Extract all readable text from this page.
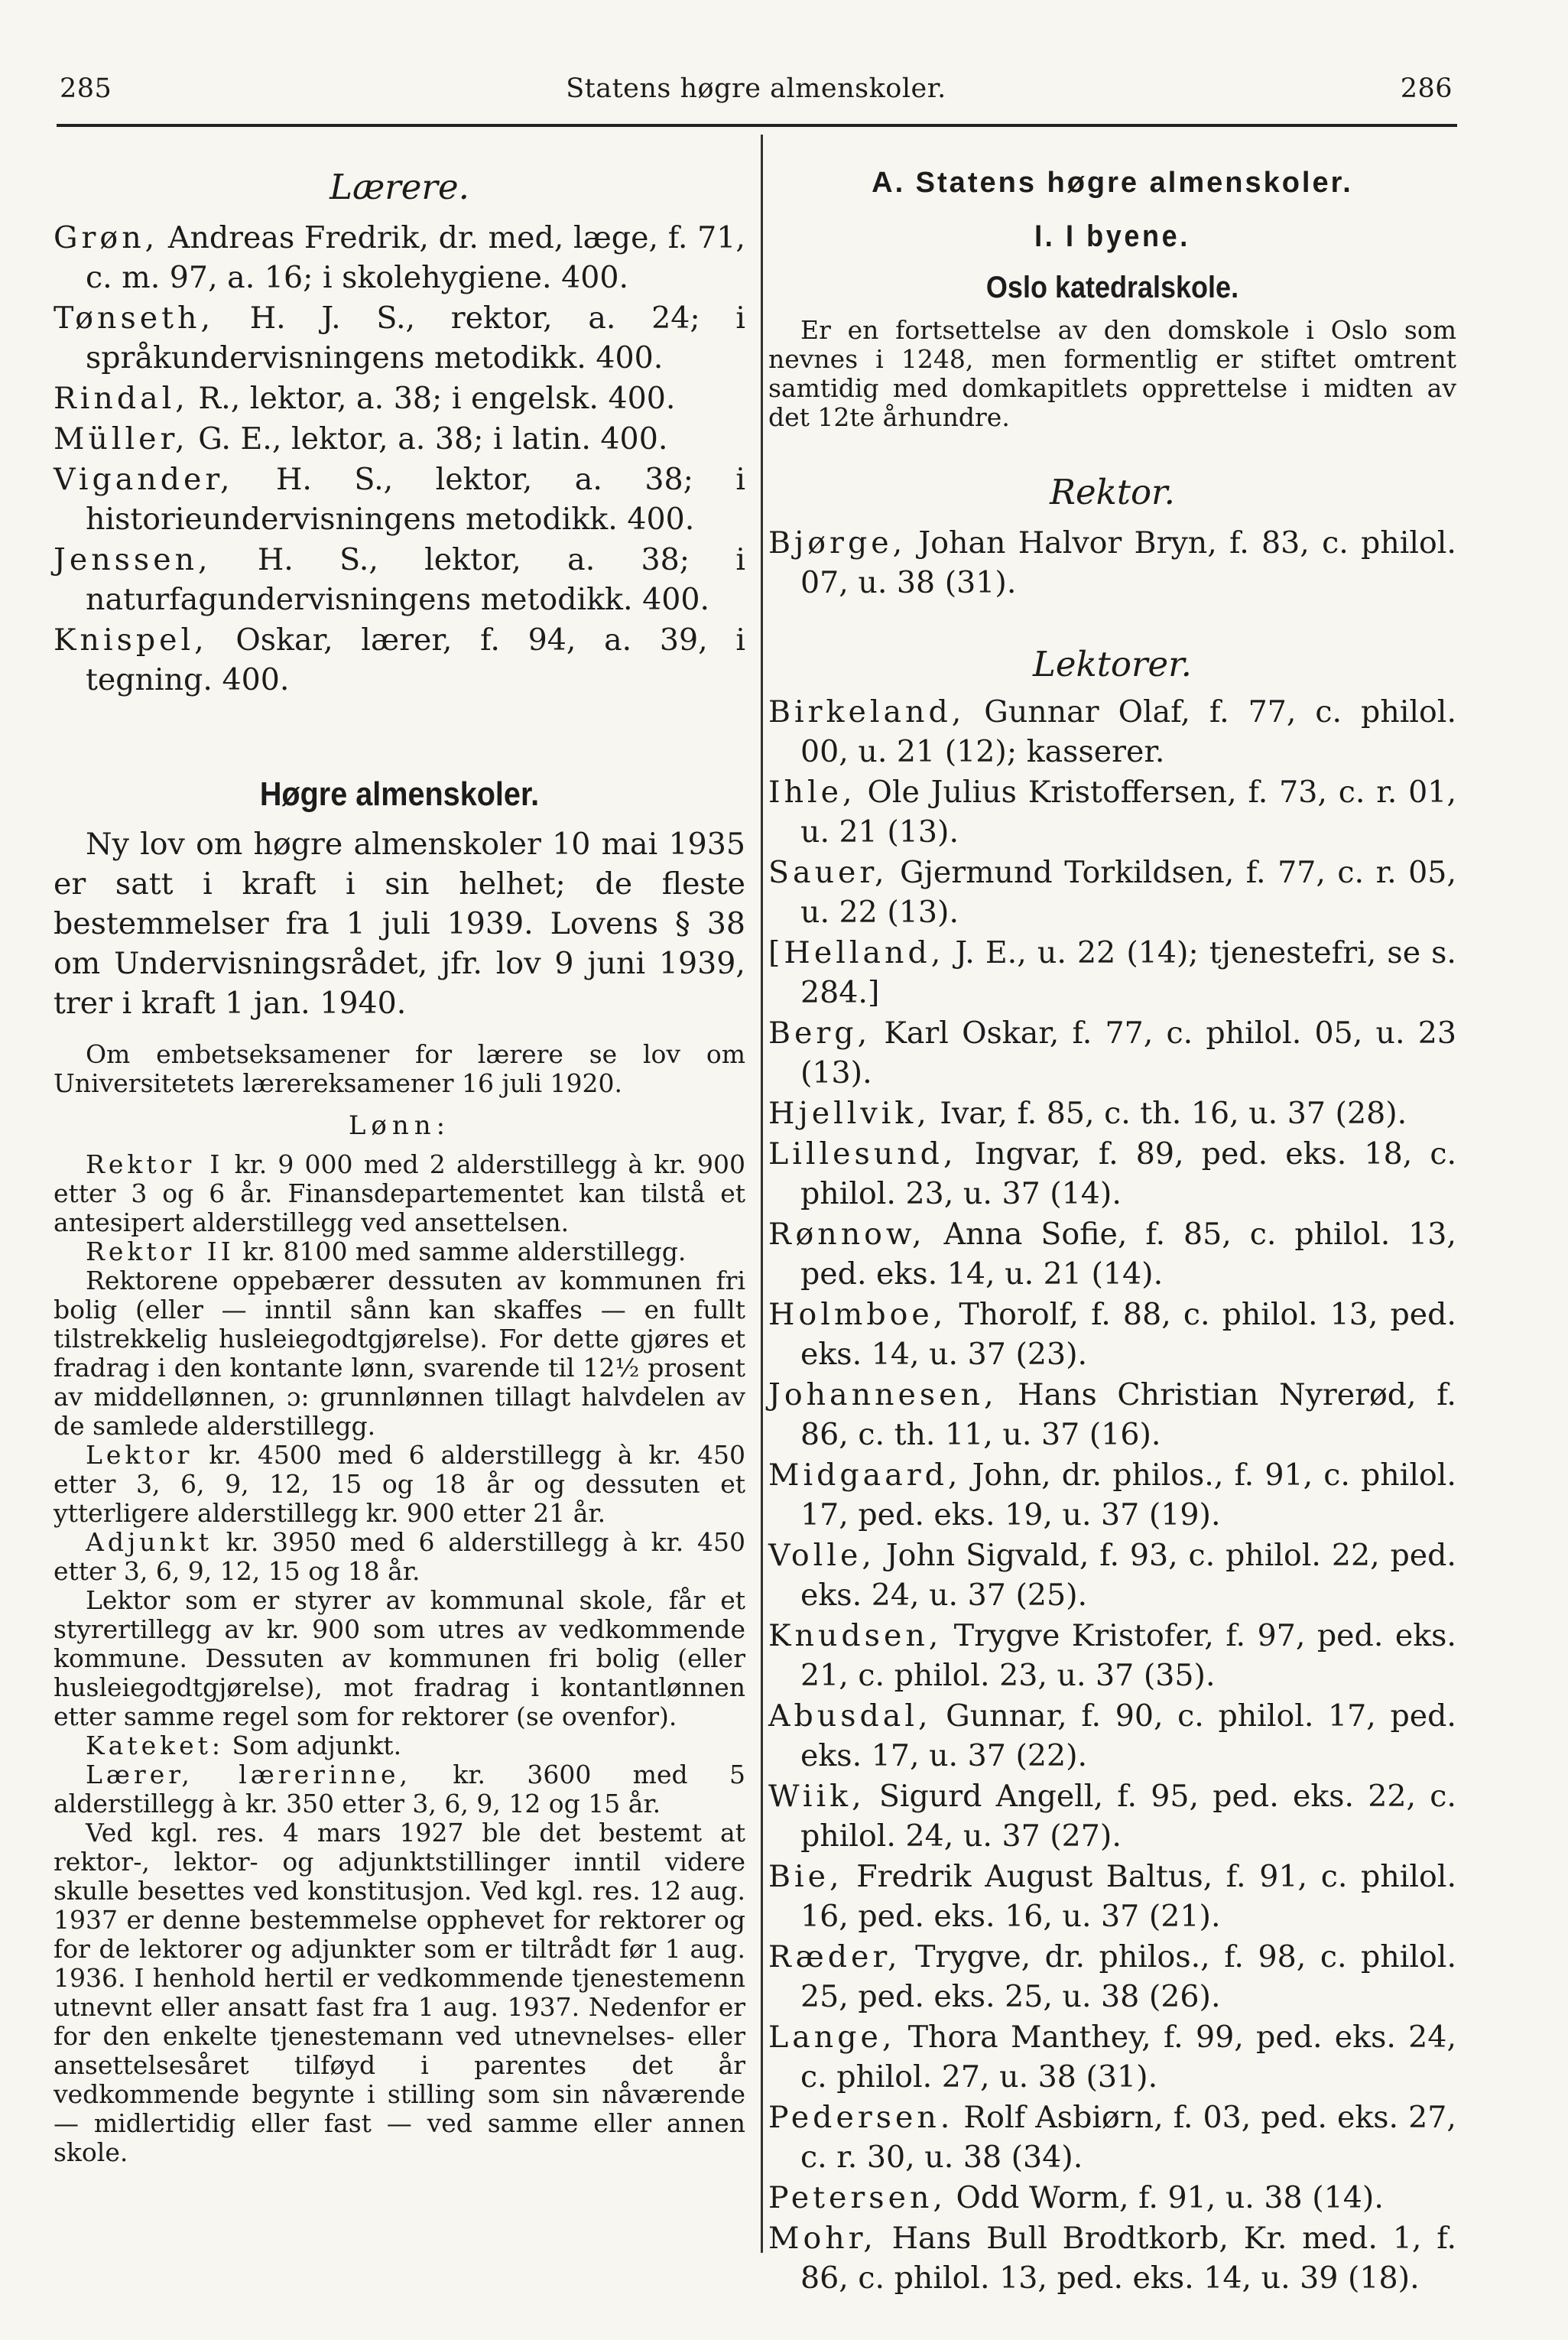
285	Statens høgre almenskoler.	286
Lærere.

Grøn, Andreas Fredrik, dr. med, læge, f. 71, c. m. 97, a. 16; i skolehygiene. 400.

Tønseth, H. J. S., rektor, a. 24; i språkundervisningens metodikk. 400.

Rindal, R., lektor, a. 38; i engelsk. 400.

Müller, G. E., lektor, a. 38; i latin. 400.

Vigander, H. S., lektor, a. 38; i historieundervisningens metodikk. 400.

Jenssen, H. S., lektor, a. 38; i naturfagundervisningens metodikk. 400.

Knispel, Oskar, lærer, f. 94, a. 39, i tegning. 400.

Høgre almenskoler.

Ny lov om høgre almenskoler 10 mai 1935 er satt i kraft i sin helhet; de fleste bestemmelser fra 1 juli 1939. Lovens § 38 om Undervisningsrådet, jfr. lov 9 juni 1939, trer i kraft 1 jan. 1940.

Om embetseksamener for lærere se lov om Universitetets lærereksamener 16 juli 1920.

Lønn:

Rektor I kr. 9 000 med 2 alderstillegg à kr. 900 etter 3 og 6 år. Finansdepartementet kan tilstå et antesipert alderstillegg ved ansettelsen.

Rektor II kr. 8100 med samme alderstillegg.

Rektorene oppebærer dessuten av kommunen fri bolig (eller — inntil sånn kan skaffes — en fullt tilstrekkelig husleiegodtgjørelse). For dette gjøres et fradrag i den kontante lønn, svarende til 12½ prosent av middellønnen, ɔ: grunnlønnen tillagt halvdelen av de samlede alderstillegg.

Lektor kr. 4500 med 6 alderstillegg à kr. 450 etter 3, 6, 9, 12, 15 og 18 år og dessuten et ytterligere alderstillegg kr. 900 etter 21 år.

Adjunkt kr. 3950 med 6 alderstillegg à kr. 450 etter 3, 6, 9, 12, 15 og 18 år.

Lektor som er styrer av kommunal skole, får et styrertillegg av kr. 900 som utres av vedkommende kommune. Dessuten av kommunen fri bolig (eller husleiegodtgjørelse), mot fradrag i kontantlønnen etter samme regel som for rektorer (se ovenfor).

Kateket: Som adjunkt.

Lærer, lærerinne, kr. 3600 med 5 alderstillegg à kr. 350 etter 3, 6, 9, 12 og 15 år.

Ved kgl. res. 4 mars 1927 ble det bestemt at rektor-, lektor- og adjunktstillinger inntil videre skulle besettes ved konstitusjon. Ved kgl. res. 12 aug. 1937 er denne bestemmelse opphevet for rektorer og for de lektorer og adjunkter som er tiltrådt før 1 aug. 1936. I henhold hertil er vedkommende tjenestemenn utnevnt eller ansatt fast fra 1 aug. 1937. Nedenfor er for den enkelte tjenestemann ved utnevnelses- eller ansettelsesåret tilføyd i parentes det år vedkommende begynte i stilling som sin nåværende — midlertidig eller fast — ved samme eller annen skole.

A. Statens høgre almenskoler.
I. I byene.
Oslo katedralskole.

Er en fortsettelse av den domskole i Oslo som nevnes i 1248, men formentlig er stiftet omtrent samtidig med domkapitlets opprettelse i midten av det 12te århundre.

Rektor.

Bjørge, Johan Halvor Bryn, f. 83, c. philol. 07, u. 38 (31).

Lektorer.

Birkeland, Gunnar Olaf, f. 77, c. philol. 00, u. 21 (12); kasserer.

Ihle, Ole Julius Kristoffersen, f. 73, c. r. 01, u. 21 (13).

Sauer, Gjermund Torkildsen, f. 77, c. r. 05, u. 22 (13).

[Helland, J. E., u. 22 (14); tjenestefri, se s. 284.]

Berg, Karl Oskar, f. 77, c. philol. 05, u. 23 (13).

Hjellvik, Ivar, f. 85, c. th. 16, u. 37 (28).

Lillesund, Ingvar, f. 89, ped. eks. 18, c. philol. 23, u. 37 (14).

Rønnow, Anna Sofie, f. 85, c. philol. 13, ped. eks. 14, u. 21 (14).

Holmboe, Thorolf, f. 88, c. philol. 13, ped. eks. 14, u. 37 (23).

Johannesen, Hans Christian Nyrerød, f. 86, c. th. 11, u. 37 (16).

Midgaard, John, dr. philos., f. 91, c. philol. 17, ped. eks. 19, u. 37 (19).

Volle, John Sigvald, f. 93, c. philol. 22, ped. eks. 24, u. 37 (25).

Knudsen, Trygve Kristofer, f. 97, ped. eks. 21, c. philol. 23, u. 37 (35).

Abusdal, Gunnar, f. 90, c. philol. 17, ped. eks. 17, u. 37 (22).

Wiik, Sigurd Angell, f. 95, ped. eks. 22, c. philol. 24, u. 37 (27).

Bie, Fredrik August Baltus, f. 91, c. philol. 16, ped. eks. 16, u. 37 (21).

Ræder, Trygve, dr. philos., f. 98, c. philol. 25, ped. eks. 25, u. 38 (26).

Lange, Thora Manthey, f. 99, ped. eks. 24, c. philol. 27, u. 38 (31).

Pedersen. Rolf Asbiørn, f. 03, ped. eks. 27, c. r. 30, u. 38 (34).

Petersen, Odd Worm, f. 91, u. 38 (14).

Mohr, Hans Bull Brodtkorb, Kr. med. 1, f. 86, c. philol. 13, ped. eks. 14, u. 39 (18).
